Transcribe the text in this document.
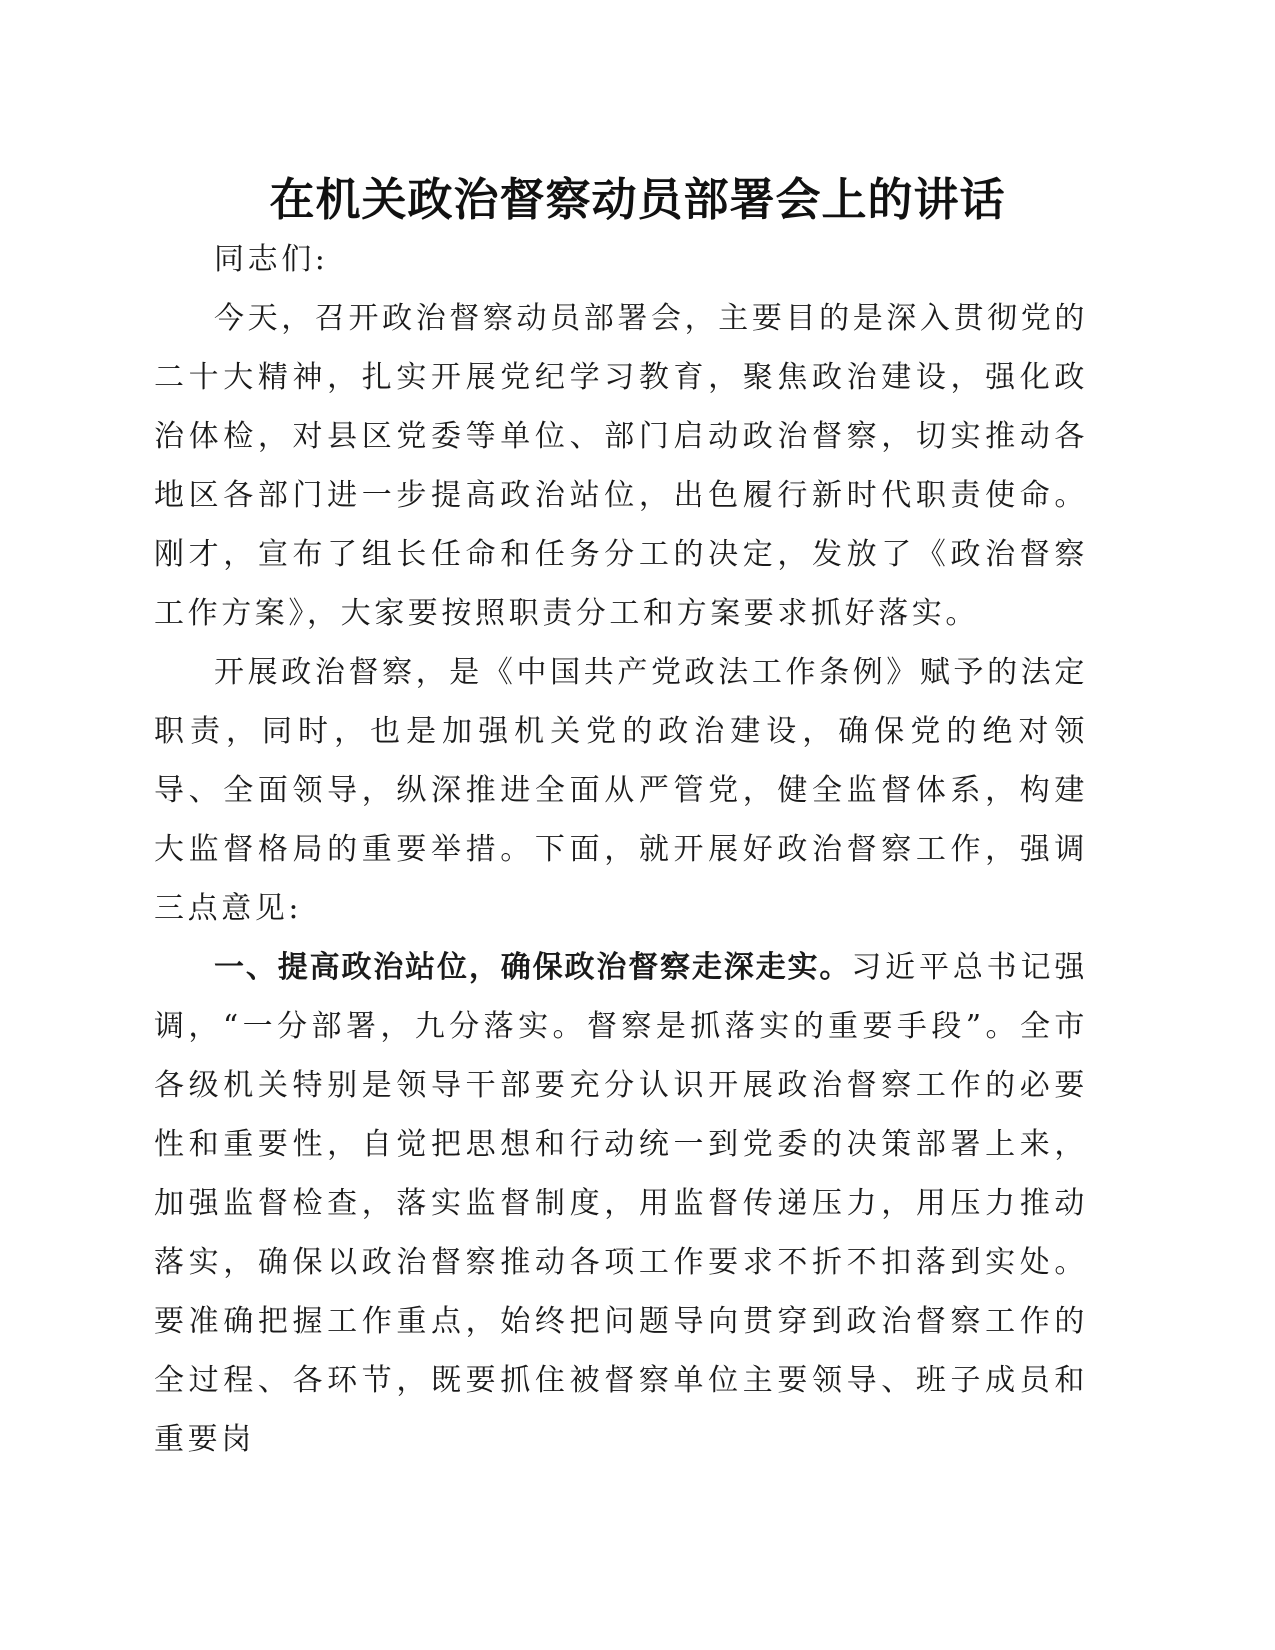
在机关政治督察动员部署会上的讲话

同志们:

今天，召开政治督察动员部署会，主要目的是深入贯彻党的二十大精神，扎实开展党纪学习教育，聚焦政治建设，强化政治体检，对县区党委等单位、部门启动政治督察，切实推动各地区各部门进一步提高政治站位，出色履行新时代职责使命。刚才，宣布了组长任命和任务分工的决定，发放了《政治督察工作方案》，大家要按照职责分工和方案要求抓好落实。

开展政治督察，是《中国共产党政法工作条例》赋予的法定职责，同时，也是加强机关党的政治建设，确保党的绝对领导、全面领导，纵深推进全面从严管党，健全监督体系，构建大监督格局的重要举措。下面，就开展好政治督察工作，强调三点意见:

一、提高政治站位，确保政治督察走深走实。习近平总书记强调，“一分部署，九分落实。督察是抓落实的重要手段”。全市各级机关特别是领导干部要充分认识开展政治督察工作的必要性和重要性，自觉把思想和行动统一到党委的决策部署上来，加强监督检查，落实监督制度，用监督传递压力，用压力推动落实，确保以政治督察推动各项工作要求不折不扣落到实处。要准确把握工作重点，始终把问题导向贯穿到政治督察工作的全过程、各环节，既要抓住被督察单位主要领导、班子成员和重要岗
